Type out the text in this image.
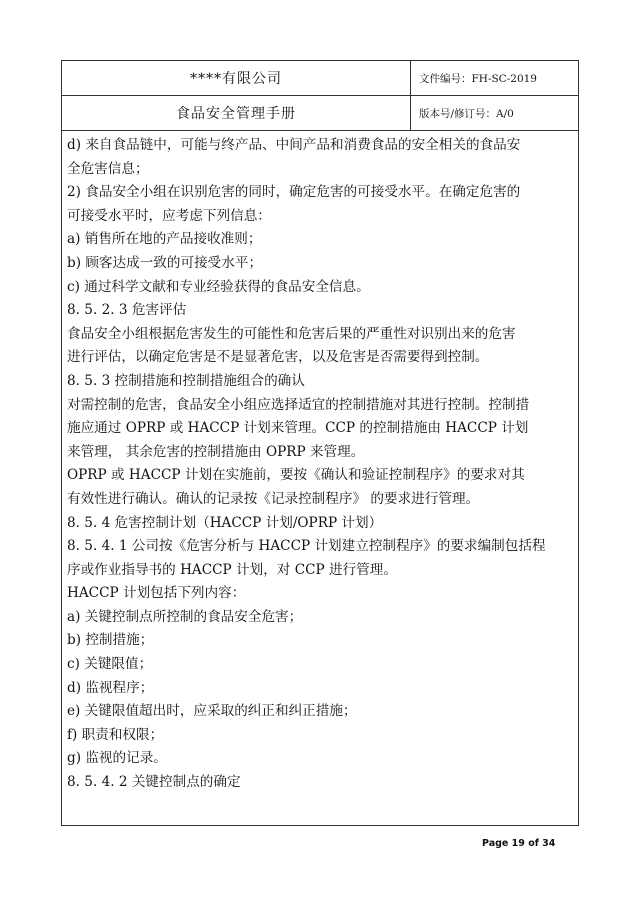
****有限公司	文件编号：FH-SC-2019
食品安全管理手册	版本号/修订号：A/0
d) 来自食品链中，可能与终产品、中间产品和消费食品的安全相关的食品安
全危害信息；
2) 食品安全小组在识别危害的同时，确定危害的可接受水平。在确定危害的
可接受水平时，应考虑下列信息：
a) 销售所在地的产品接收准则；
b) 顾客达成一致的可接受水平；
c) 通过科学文献和专业经验获得的食品安全信息。
8. 5. 2. 3 危害评估
食品安全小组根据危害发生的可能性和危害后果的严重性对识别出来的危害
进行评估，以确定危害是不是显著危害，以及危害是否需要得到控制。
8. 5. 3 控制措施和控制措施组合的确认
对需控制的危害，食品安全小组应选择适宜的控制措施对其进行控制。控制措
施应通过 OPRP 或 HACCP 计划来管理。CCP 的控制措施由 HACCP 计划
来管理， 其余危害的控制措施由 OPRP 来管理。
OPRP 或 HACCP 计划在实施前，要按《确认和验证控制程序》的要求对其
有效性进行确认。确认的记录按《记录控制程序》 的要求进行管理。
8. 5. 4 危害控制计划（HACCP 计划/OPRP 计划）
8. 5. 4. 1 公司按《危害分析与 HACCP 计划建立控制程序》的要求编制包括程
序或作业指导书的 HACCP 计划，对 CCP 进行管理。
HACCP 计划包括下列内容：
a) 关键控制点所控制的食品安全危害；
b) 控制措施；
c) 关键限值；
d) 监视程序；
e) 关键限值超出时，应采取的纠正和纠正措施；
f) 职责和权限；
g) 监视的记录。
8. 5. 4. 2 关键控制点的确定
Page 19 of 34
